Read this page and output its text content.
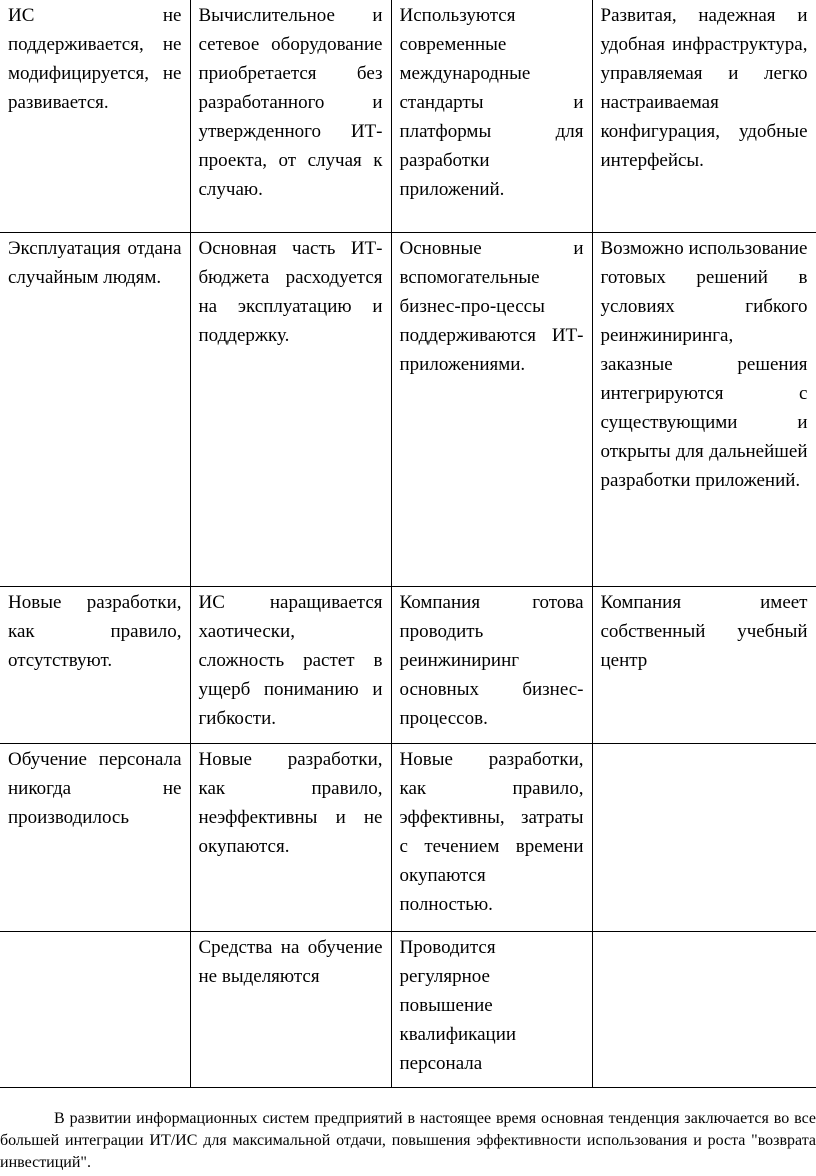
ИС не поддерживается, не модифицируется, не развивается.	Вычислительное и сетевое оборудование приобретается без разработанного и утвержденного ИТ-проекта, от случая к случаю.	Используются современные международные стандарты и платформы для разработки приложений.	Развитая, надежная и удобная инфраструктура, управляемая и легко настраиваемая конфигурация, удобные интерфейсы.
Эксплуатация отдана случайным людям.	Основная часть ИТ-бюджета расходуется на эксплуатацию и поддержку.	Основные и вспомогательные бизнес-про-цессы поддерживаются ИТ-приложениями.	Возможно использование готовых решений в условиях гибкого реинжиниринга, заказные решения интегрируются с существующими и открыты для дальнейшей разработки приложений.
Новые разработки, как правило, отсутствуют.	ИС наращивается хаотически, сложность растет в ущерб пониманию и гибкости.	Компания готова проводить реинжиниринг основных бизнес-процессов.	Компания имеет собственный учебный центр
Обучение персонала никогда не производилось	Новые разработки, как правило, неэффективны и не окупаются.	Новые разработки, как правило, эффективны, затраты с течением времени окупаются полностью.	
	Средства на обучение не выделяются	Проводится регулярное повышение квалификации персонала	

В развитии информационных систем предприятий в настоящее время основная тенденция заключается во все большей интеграции ИТ/ИС для максимальной отдачи, повышения эффективности использования и роста "возврата инвестиций".
